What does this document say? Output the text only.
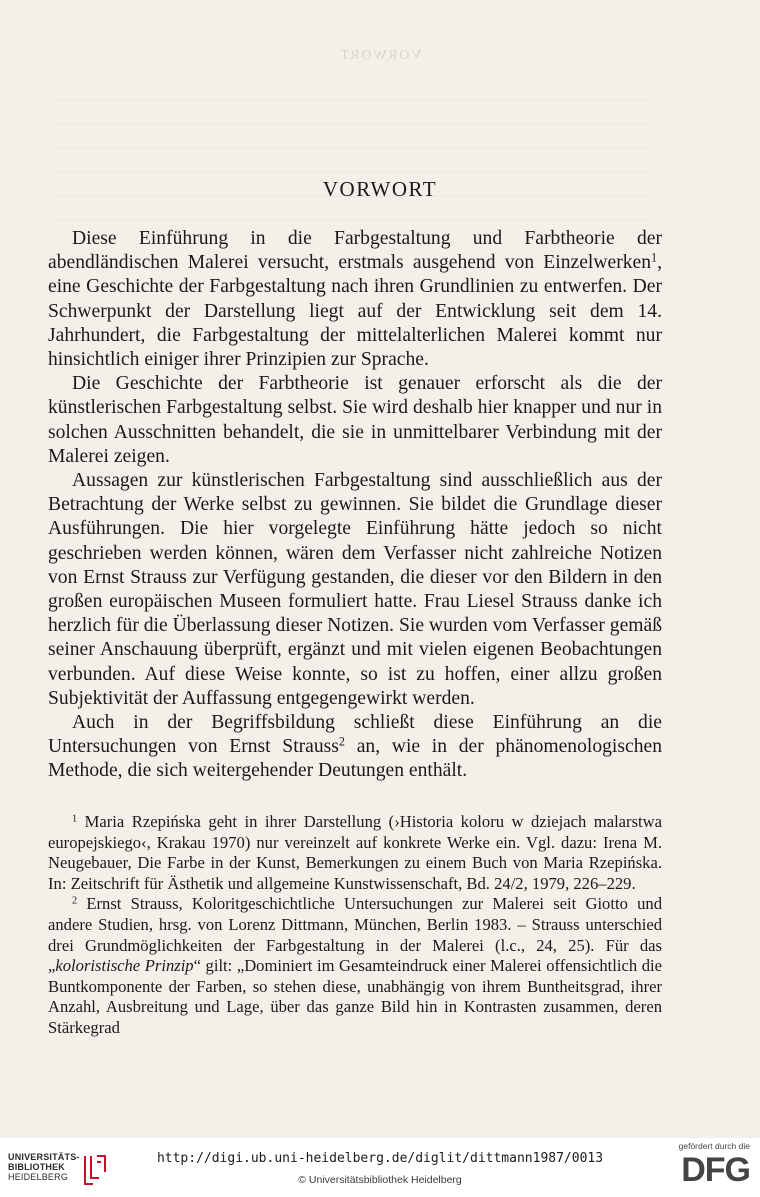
VORWORT
VORWORT

Diese Einführung in die Farbgestaltung und Farbtheorie der abendländischen Malerei versucht, erstmals ausgehend von Einzelwerken$^1$, eine Geschichte der Farbgestaltung nach ihren Grundlinien zu entwerfen. Der Schwerpunkt der Darstellung liegt auf der Entwicklung seit dem 14. Jahrhundert, die Farbgestaltung der mittelalterlichen Malerei kommt nur hinsichtlich einiger ihrer Prinzipien zur Sprache.

Die Geschichte der Farbtheorie ist genauer erforscht als die der künstlerischen Farbgestaltung selbst. Sie wird deshalb hier knapper und nur in solchen Ausschnitten behandelt, die sie in unmittelbarer Verbindung mit der Malerei zeigen.

Aussagen zur künstlerischen Farbgestaltung sind ausschließlich aus der Betrachtung der Werke selbst zu gewinnen. Sie bildet die Grundlage dieser Ausführungen. Die hier vorgelegte Einführung hätte jedoch so nicht geschrieben werden können, wären dem Verfasser nicht zahlreiche Notizen von Ernst Strauss zur Verfügung gestanden, die dieser vor den Bildern in den großen europäischen Museen formuliert hatte. Frau Liesel Strauss danke ich herzlich für die Überlassung dieser Notizen. Sie wurden vom Verfasser gemäß seiner Anschauung überprüft, ergänzt und mit vielen eigenen Beobachtungen verbunden. Auf diese Weise konnte, so ist zu hoffen, einer allzu großen Subjektivität der Auffassung entgegengewirkt werden.

Auch in der Begriffsbildung schließt diese Einführung an die Untersuchungen von Ernst Strauss$^2$ an, wie in der phänomenologischen Methode, die sich weitergehender Deutungen enthält.

$^1$ Maria Rzepińska geht in ihrer Darstellung (›Historia koloru w dziejach malarstwa europejskiego‹, Krakau 1970) nur vereinzelt auf konkrete Werke ein. Vgl. dazu: Irena M. Neugebauer, Die Farbe in der Kunst, Bemerkungen zu einem Buch von Maria Rzepińska. In: Zeitschrift für Ästhetik und allgemeine Kunstwissenschaft, Bd. 24/2, 1979, 226–229.

$^2$ Ernst Strauss, Koloritgeschichtliche Untersuchungen zur Malerei seit Giotto und andere Studien, hrsg. von Lorenz Dittmann, München, Berlin 1983. – Strauss unterschied drei Grundmöglichkeiten der Farbgestaltung in der Malerei (l.c., 24, 25). Für das „koloristische Prinzip“ gilt: „Dominiert im Gesamteindruck einer Malerei offensichtlich die Buntkomponente der Farben, so stehen diese, unabhängig von ihrem Buntheitsgrad, ihrer Anzahl, Ausbreitung und Lage, über das ganze Bild hin in Kontrasten zusammen, deren Stärkegrad

UNIVERSITÄTS-
BIBLIOTHEK
HEIDELBERG
http://digi.ub.uni-heidelberg.de/diglit/dittmann1987/0013
© Universitätsbibliothek Heidelberg
gefördert durch die
DFG
